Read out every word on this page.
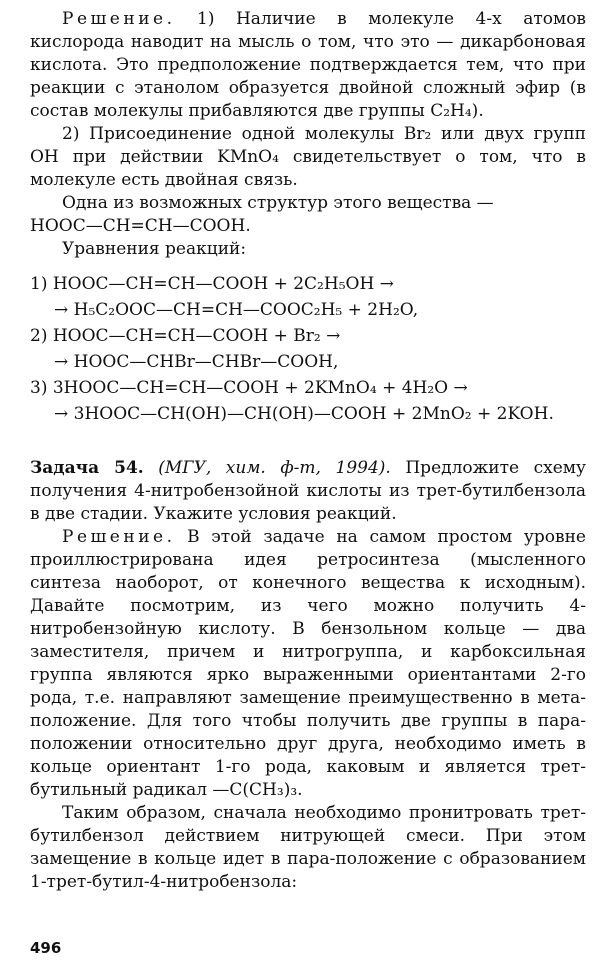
Решение. 1) Наличие в молекуле 4-х атомов кислорода наводит на мысль о том, что это — дикарбоновая кислота. Это предположение подтверждается тем, что при реакции с этанолом образуется двойной сложный эфир (в состав молекулы прибавляются две группы C₂H₄).

2) Присоединение одной молекулы Br₂ или двух групп OH при действии KMnO₄ свидетельствует о том, что в молекуле есть двойная связь.

Одна из возможных структур этого вещества —
HOOC—CH=CH—COOH.
Уравнения реакций:
1) HOOC—CH=CH—COOH + 2C₂H₅OH →
→ H₅C₂OOC—CH=CH—COOC₂H₅ + 2H₂O,
2) HOOC—CH=CH—COOH + Br₂ →
→ HOOC—CHBr—CHBr—COOH,
3) 3HOOC—CH=CH—COOH + 2KMnO₄ + 4H₂O →
→ 3HOOC—CH(OH)—CH(OH)—COOH + 2MnO₂ + 2KOH.

Задача 54. (МГУ, хим. ф-т, 1994). Предложите схему получения 4-нитробензойной кислоты из трет-бутилбензола в две стадии. Укажите условия реакций.

Решение. В этой задаче на самом простом уровне проиллюстрирована идея ретросинтеза (мысленного синтеза наоборот, от конечного вещества к исходным). Давайте посмотрим, из чего можно получить 4-нитробензойную кислоту. В бензольном кольце — два заместителя, причем и нитрогруппа, и карбоксильная группа являются ярко выраженными ориентантами 2-го рода, т.е. направляют замещение преимущественно в мета-положение. Для того чтобы получить две группы в пара-положении относительно друг друга, необходимо иметь в кольце ориентант 1-го рода, каковым и является трет-бутильный радикал —C(CH₃)₃.

Таким образом, сначала необходимо пронитровать трет-бутилбензол действием нитрующей смеси. При этом замещение в кольце идет в пара-положение с образованием 1-трет-бутил-4-нитробензола:

496
